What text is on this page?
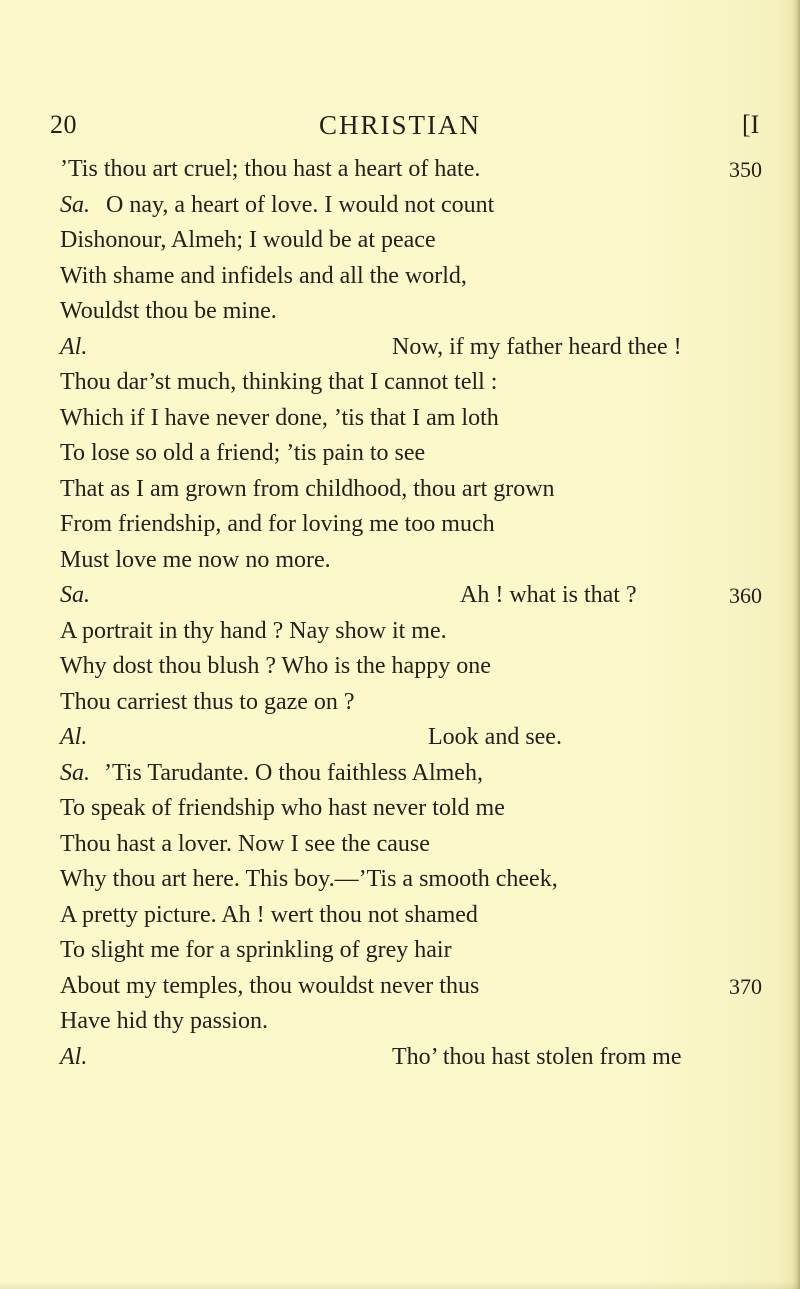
20	CHRISTIAN	[I
’Tis thou art cruel; thou hast a heart of hate.	350
Sa. O nay, a heart of love. I would not count
Dishonour, Almeh; I would be at peace
With shame and infidels and all the world,
Wouldst thou be mine.
Al.	Now, if my father heard thee !
Thou dar’st much, thinking that I cannot tell :
Which if I have never done, ’tis that I am loth
To lose so old a friend; ’tis pain to see
That as I am grown from childhood, thou art grown
From friendship, and for loving me too much
Must love me now no more.
Sa.	Ah ! what is that ?	360
A portrait in thy hand ? Nay show it me.
Why dost thou blush ? Who is the happy one
Thou carriest thus to gaze on ?
Al.	Look and see.
Sa. ’Tis Tarudante. O thou faithless Almeh,
To speak of friendship who hast never told me
Thou hast a lover. Now I see the cause
Why thou art here. This boy.—’Tis a smooth cheek,
A pretty picture. Ah ! wert thou not shamed
To slight me for a sprinkling of grey hair
About my temples, thou wouldst never thus	370
Have hid thy passion.
Al.	Tho’ thou hast stolen from me
